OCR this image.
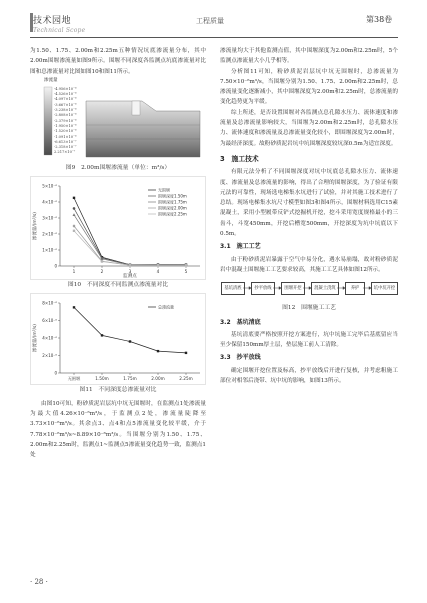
技术园地
Technical Scope
工程质量	第38卷

为1.50、1.75、2.00m和2.25m五种情况坑底渗流量分布，其中2.00m围堰渗流量如图9所示。围堰不同深度各监测点坑底渗流量对比图和总渗流量对比图如图10和图11所示。

渗流量
-4.956×10⁻⁶
-4.526×10⁻⁶
-4.097×10⁻⁶
-3.667×10⁻⁶
-3.238×10⁻⁶
-2.808×10⁻⁶
-2.379×10⁻⁶
-1.950×10⁻⁶
-1.520×10⁻⁶
-1.091×10⁻⁶
-6.613×10⁻⁷
-2.318×10⁻⁷
2.217×10⁻⁷
图9　2.00m围堰渗流量（单位：m³/s）
0
1×10⁻⁶
2×10⁻⁶
3×10⁻⁶
4×10⁻⁶
5×10⁻⁶
1	2	3	4	5
监测点
渗流量/(m³/s)
无围堰
围堰深度1.50m
围堰深度1.75m
围堰深度2.00m
围堰深度2.25m
图10　不同深度不同监测点渗流量对比
0
2×10⁻⁶
4×10⁻⁶
6×10⁻⁶
8×10⁻⁶
无围堰	1.50m	1.75m	2.00m	2.25m
渗流量/(m³/s)
总渗流量
图11　不同深度总渗流量对比

由图10可知，粉砂质泥岩层坑中坑无围堰时，在监测点1处渗流量为最大值4.26×10⁻⁶m³/s，于监测点2处，渗流量陡降至3.73×10⁻⁶m³/s。其余点3、点4和点5渗流量变化较平缓，介于7.78×10⁻⁶m³/s~8.89×10⁻⁶m³/s。当围堰分别为1.50、1.75、2.00m和2.25m时，监测点1~监测点5渗流量变化趋势一致，监测点1处

渗流量均大于其他监测点值，其中围堰深度为2.00m和2.25m时，5个监测点渗流量大小几乎相等。

分析图11可知，粉砂质泥岩层坑中坑无围堰时，总渗流量为7.50×10⁻⁶m³/s，当围堰分别为1.50、1.75、2.00m和2.25m时，总渗流量变化逐渐减小，其中围堰深度为2.00m和2.25m时，总渗流量的变化趋势更为平缓。

综上所述，是否设置围堰对各监测点总孔隙水压力、流体速度和渗流量及总渗流量影响较大，当围堰为2.00m和2.25m时，总孔隙水压力、流体速度和渗流量及总渗流量变化较小，即围堰深度为2.00m时，为最经济深度。故粉砂质泥岩坑中坑围堰深度较坑深0.5m为适宜深度。

3　施工技术

有限元法分析了不同围堰深度对坑中坑底总孔隙水压力、流体速度、渗流量及总渗流量的影响，得出了合理的围堰深度，为了验证有限元法的可靠性，现场选电梯集水坑进行了试验，并对其施工技术进行了总结。现场电梯集水坑尺寸模型如图3和图4所示，围堰材料选用C15素混凝土，采用小型履带反铲式挖掘机开挖，挖斗采用宽度规格最小的三齿斗，斗宽450mm，开挖后槽宽500mm，开挖深度为坑中坑底以下0.5m。

3.1　施工工艺

由于粉砂质泥岩暴露于空气中易分化，遇水易崩塌，故对粉砂质泥岩中混凝土围堰施工工艺要求较高，其施工工艺具体如图12所示。

基坑清底	抄平放线	围堰开挖	混凝土浇筑	养护	坑中坑开挖
图12　围堰施工工艺
3.2　基坑清底

基坑清底要严格按照开挖方案进行，坑中坑施工完毕后基底留应当至少保留150mm厚土层，垫层施工前人工清除。

3.3　抄平放线

确定围堰开挖位置及标高，抄平放线后开进行复核，并考虑粗施工部位对相邻后浇带、坑中坑的影响，如图13所示。

· 28 ·
